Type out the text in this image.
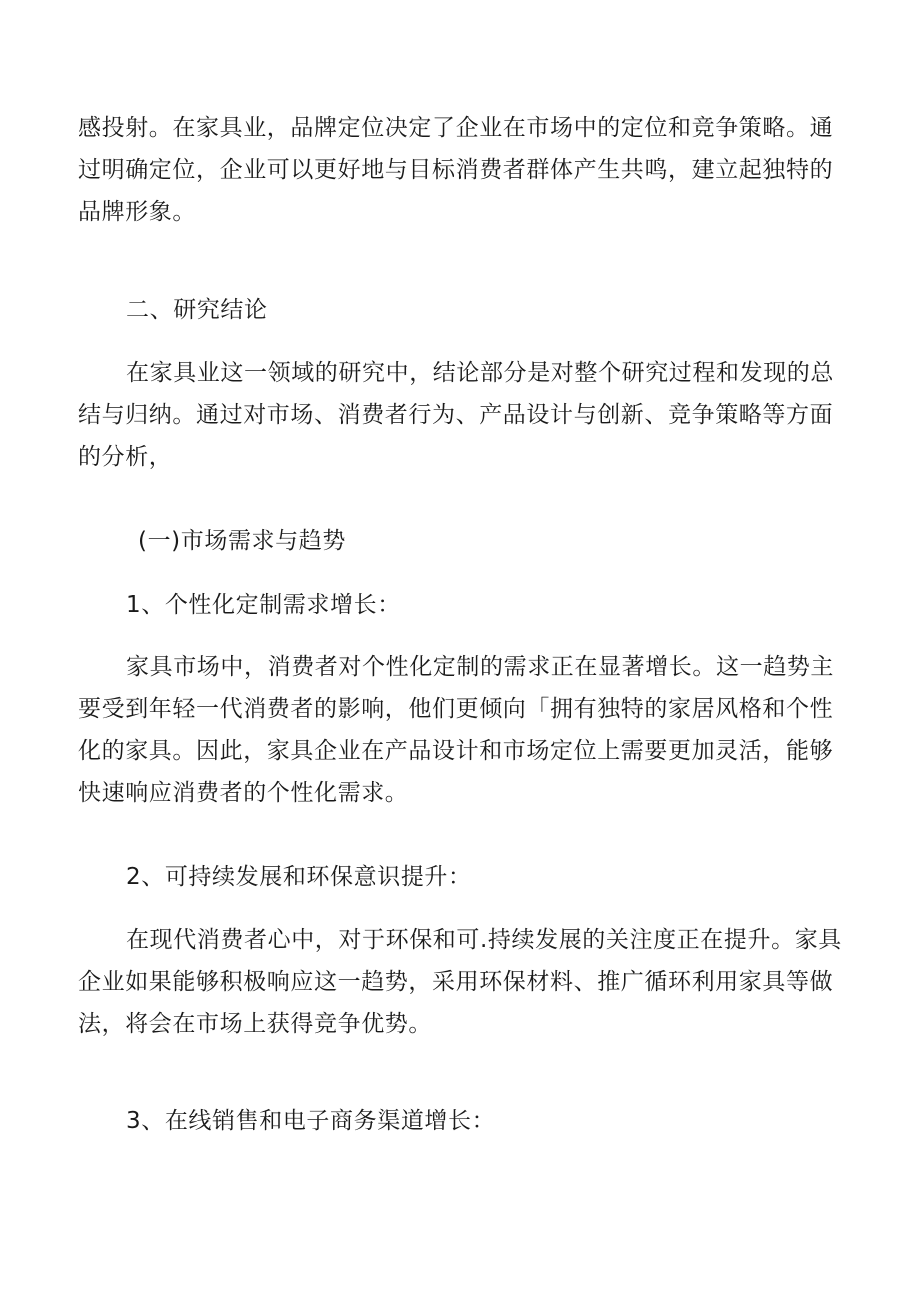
感投射。在家具业，品牌定位决定了企业在市场中的定位和竞争策略。通过明确定位，企业可以更好地与目标消费者群体产生共鸣，建立起独特的品牌形象。

二、研究结论

在家具业这一领域的研究中，结论部分是对整个研究过程和发现的总结与归纳。通过对市场、消费者行为、产品设计与创新、竞争策略等方面的分析，

(一)市场需求与趋势

1、个性化定制需求增长：

家具市场中，消费者对个性化定制的需求正在显著增长。这一趋势主要受到年轻一代消费者的影响，他们更倾向「拥有独特的家居风格和个性化的家具。因此，家具企业在产品设计和市场定位上需要更加灵活，能够快速响应消费者的个性化需求。

2、可持续发展和环保意识提升：

在现代消费者心中，对于环保和可.持续发展的关注度正在提升。家具企业如果能够积极响应这一趋势，采用环保材料、推广循环利用家具等做法，将会在市场上获得竞争优势。

3、在线销售和电子商务渠道增长：
